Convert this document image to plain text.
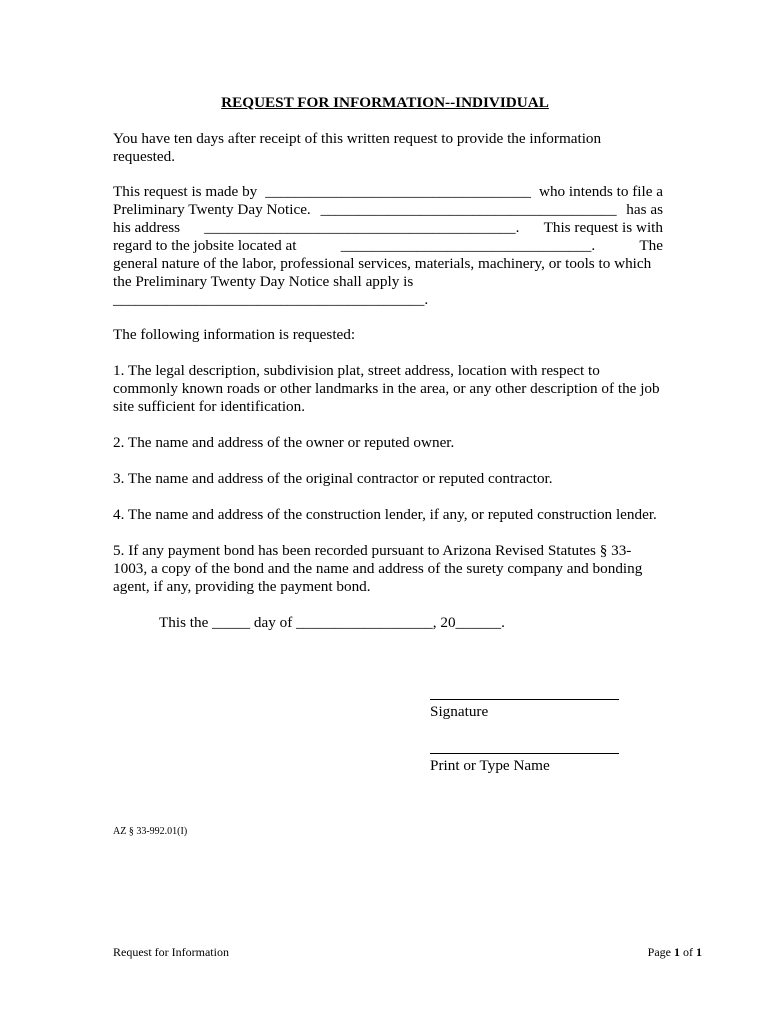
REQUEST FOR INFORMATION--INDIVIDUAL
You have ten days after receipt of this written request to provide the information
requested.
This request is made by ___________________________________ who intends to file a
Preliminary Twenty Day Notice. _______________________________________ has as
his address _________________________________________. This request is with
regard to the jobsite located at	_________________________________.	The
general nature of the labor, professional services, materials, machinery, or tools to which
the Preliminary Twenty Day Notice shall apply is
_________________________________________.
The following information is requested:
1. The legal description, subdivision plat, street address, location with respect to
commonly known roads or other landmarks in the area, or any other description of the job
site sufficient for identification.
2. The name and address of the owner or reputed owner.
3. The name and address of the original contractor or reputed contractor.
4. The name and address of the construction lender, if any, or reputed construction lender.
5. If any payment bond has been recorded pursuant to Arizona Revised Statutes § 33-
1003, a copy of the bond and the name and address of the surety company and bonding
agent, if any, providing the payment bond.
This the _____ day of __________________, 20______.
Signature
Print or Type Name
AZ § 33-992.01(I)
Request for Information	Page 1 of 1
